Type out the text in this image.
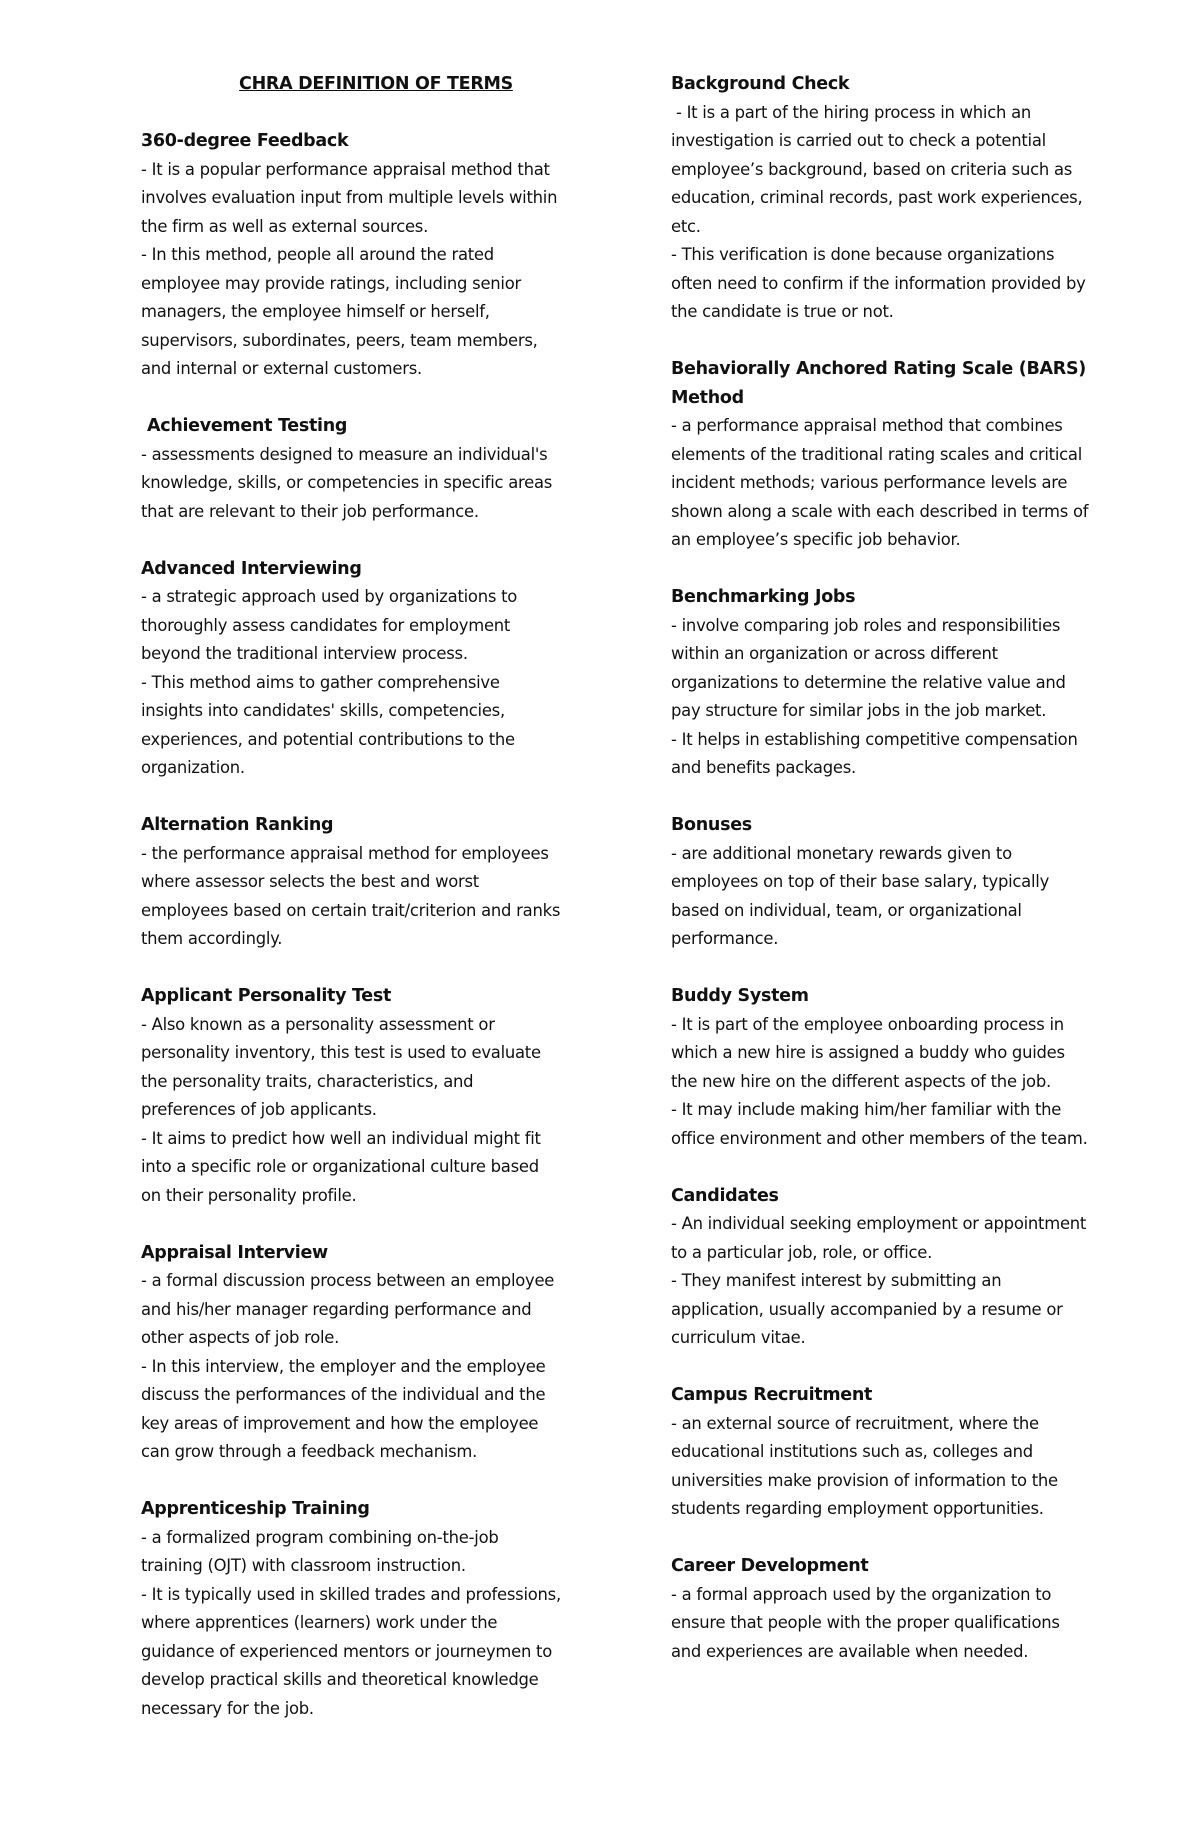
CHRA DEFINITION OF TERMS
360-degree Feedback
- It is a popular performance appraisal method that
involves evaluation input from multiple levels within
the firm as well as external sources.
- In this method, people all around the rated
employee may provide ratings, including senior
managers, the employee himself or herself,
supervisors, subordinates, peers, team members,
and internal or external customers.
Achievement Testing
- assessments designed to measure an individual's
knowledge, skills, or competencies in specific areas
that are relevant to their job performance.
Advanced Interviewing
- a strategic approach used by organizations to
thoroughly assess candidates for employment
beyond the traditional interview process.
- This method aims to gather comprehensive
insights into candidates' skills, competencies,
experiences, and potential contributions to the
organization.
Alternation Ranking
- the performance appraisal method for employees
where assessor selects the best and worst
employees based on certain trait/criterion and ranks
them accordingly.
Applicant Personality Test
- Also known as a personality assessment or
personality inventory, this test is used to evaluate
the personality traits, characteristics, and
preferences of job applicants.
- It aims to predict how well an individual might fit
into a specific role or organizational culture based
on their personality profile.
Appraisal Interview
- a formal discussion process between an employee
and his/her manager regarding performance and
other aspects of job role.
- In this interview, the employer and the employee
discuss the performances of the individual and the
key areas of improvement and how the employee
can grow through a feedback mechanism.
Apprenticeship Training
- a formalized program combining on-the-job
training (OJT) with classroom instruction.
- It is typically used in skilled trades and professions,
where apprentices (learners) work under the
guidance of experienced mentors or journeymen to
develop practical skills and theoretical knowledge
necessary for the job.
Background Check
- It is a part of the hiring process in which an
investigation is carried out to check a potential
employee’s background, based on criteria such as
education, criminal records, past work experiences,
etc.
- This verification is done because organizations
often need to confirm if the information provided by
the candidate is true or not.
Behaviorally Anchored Rating Scale (BARS) Method
- a performance appraisal method that combines
elements of the traditional rating scales and critical
incident methods; various performance levels are
shown along a scale with each described in terms of
an employee’s specific job behavior.
Benchmarking Jobs
- involve comparing job roles and responsibilities
within an organization or across different
organizations to determine the relative value and
pay structure for similar jobs in the job market.
- It helps in establishing competitive compensation
and benefits packages.
Bonuses
- are additional monetary rewards given to
employees on top of their base salary, typically
based on individual, team, or organizational
performance.
Buddy System
- It is part of the employee onboarding process in
which a new hire is assigned a buddy who guides
the new hire on the different aspects of the job.
- It may include making him/her familiar with the
office environment and other members of the team.
Candidates
- An individual seeking employment or appointment
to a particular job, role, or office.
- They manifest interest by submitting an
application, usually accompanied by a resume or
curriculum vitae.
Campus Recruitment
- an external source of recruitment, where the
educational institutions such as, colleges and
universities make provision of information to the
students regarding employment opportunities.
Career Development
- a formal approach used by the organization to
ensure that people with the proper qualifications
and experiences are available when needed.
